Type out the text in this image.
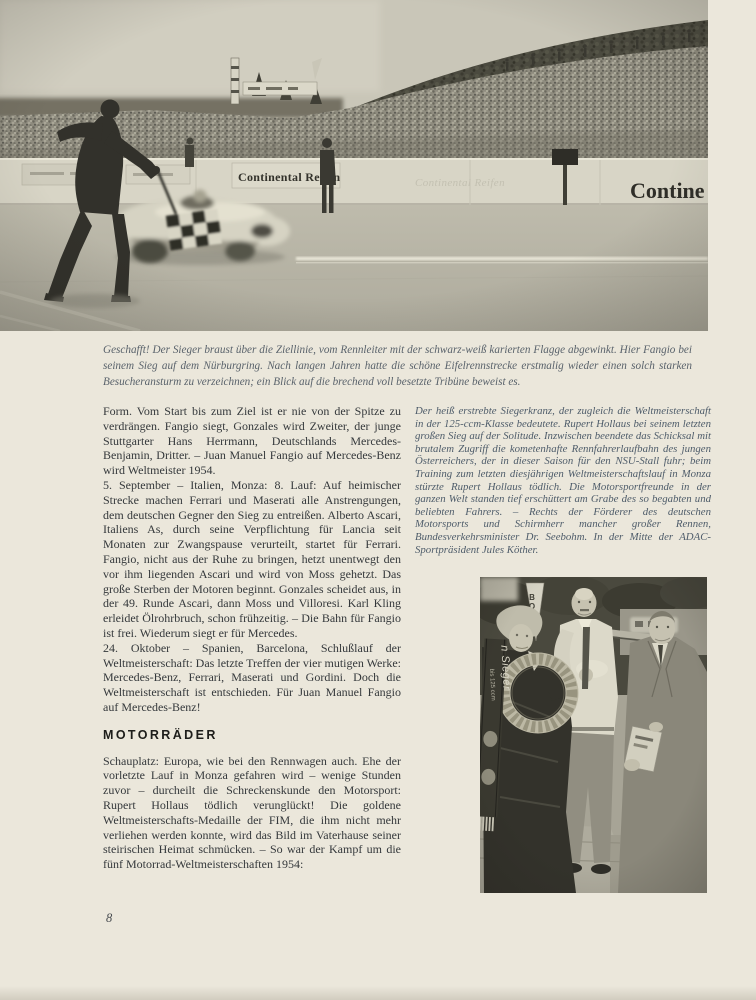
Geschafft! Der Sieger braust über die Ziellinie, vom Rennleiter mit der schwarz-weiß karierten Flagge abgewinkt. Hier Fangio bei seinem Sieg auf dem Nürburgring. Nach langen Jahren hatte die schöne Eifelrennstrecke erstmalig wieder einen solch starken Besucheransturm zu verzeichnen; ein Blick auf die brechend voll besetzte Tribüne beweist es.

Form. Vom Start bis zum Ziel ist er nie von der Spitze zu verdrängen. Fangio siegt, Gonzales wird Zweiter, der junge Stuttgarter Hans Herrmann, Deutschlands Mercedes-Benjamin, Dritter. – Juan Manuel Fangio auf Mercedes-Benz wird Weltmeister 1954.

5. September – Italien, Monza: 8. Lauf: Auf heimischer Strecke machen Ferrari und Maserati alle Anstrengungen, dem deutschen Gegner den Sieg zu entreißen. Alberto Ascari, Italiens As, durch seine Verpflichtung für Lancia seit Monaten zur Zwangspause verurteilt, startet für Ferrari. Fangio, nicht aus der Ruhe zu bringen, hetzt unentwegt den vor ihm liegenden Ascari und wird von Moss gehetzt. Das große Sterben der Motoren beginnt. Gonzales scheidet aus, in der 49. Runde Ascari, dann Moss und Villoresi. Karl Kling erleidet Ölrohrbruch, schon frühzeitig. – Die Bahn für Fangio ist frei. Wiederum siegt er für Mercedes.

24. Oktober – Spanien, Barcelona, Schlußlauf der Weltmeisterschaft: Das letzte Treffen der vier mutigen Werke: Mercedes-Benz, Ferrari, Maserati und Gordini. Doch die Weltmeisterschaft ist entschieden. Für Juan Manuel Fangio auf Mercedes-Benz!

MOTORRÄDER

Schauplatz: Europa, wie bei den Rennwagen auch. Ehe der vorletzte Lauf in Monza gefahren wird – wenige Stunden zuvor – durcheilt die Schreckenskunde den Motorsport: Rupert Hollaus tödlich verunglückt! Die goldene Weltmeisterschafts-Medaille der FIM, die ihm nicht mehr verliehen werden konnte, wird das Bild im Vaterhause seiner steirischen Heimat schmücken. – So war der Kampf um die fünf Motorrad-Weltmeisterschaften 1954:

Der heiß erstrebte Siegerkranz, der zugleich die Weltmeisterschaft in der 125-ccm-Klasse bedeutete. Rupert Hollaus bei seinem letzten großen Sieg auf der Solitude. Inzwischen beendete das Schicksal mit brutalem Zugriff die kometenhafte Rennfahrerlaufbahn des jungen Österreichers, der in dieser Saison für den NSU-Stall fuhr; beim Training zum letzten diesjährigen Weltmeisterschaftslauf in Monza stürzte Rupert Hollaus tödlich. Die Motorsportfreunde in der ganzen Welt standen tief erschüttert am Grabe des so begabten und beliebten Fahrers. – Rechts der Förderer des deutschen Motorsports und Schirmherr mancher großer Rennen, Bundesverkehrsminister Dr. Seebohm. In der Mitte der ADAC-Sportpräsident Jules Köther.

8
